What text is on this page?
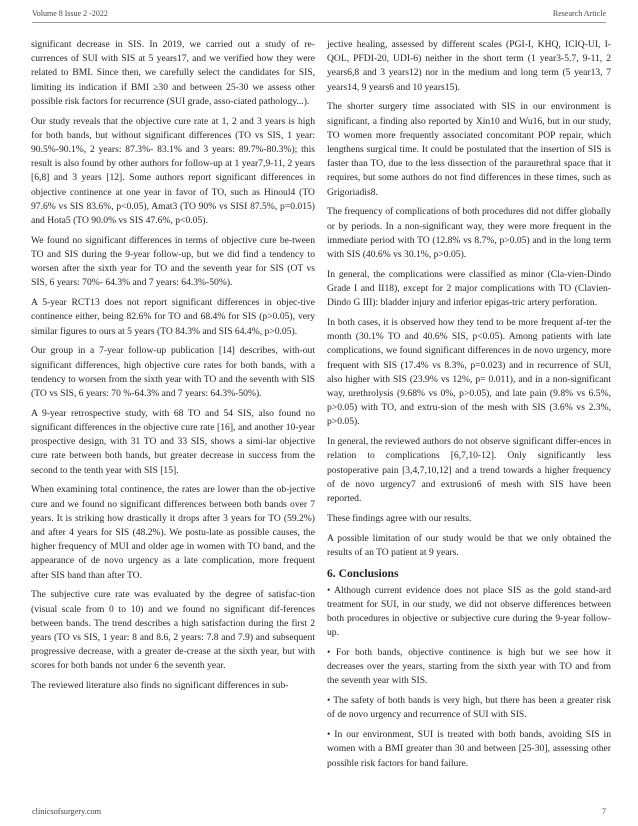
Volume 8 Issue 2 -2022	Research Article

significant decrease in SIS. In 2019, we carried out a study of re-currences of SUI with SIS at 5 years17, and we verified how they were related to BMI. Since then, we carefully select the candidates for SIS, limiting its indication if BMI ≥30 and between 25-30 we assess other possible risk factors for recurrence (SUI grade, asso-ciated pathology...).

Our study reveals that the objective cure rate at 1, 2 and 3 years is high for both bands, but without significant differences (TO vs SIS, 1 year: 90.5%-90.1%, 2 years: 87.3%- 83.1% and 3 years: 89.7%-80.3%); this result is also found by other authors for follow-up at 1 year7,9-11, 2 years [6,8] and 3 years [12]. Some authors report significant differences in objective continence at one year in favor of TO, such as Hinoul4 (TO 97.6% vs SIS 83.6%, p<0.05), Amat3 (TO 90% vs SISI 87.5%, p=0.015) and Hota5 (TO 90.0% vs SIS 47.6%, p<0.05).

We found no significant differences in terms of objective cure be-tween TO and SIS during the 9-year follow-up, but we did find a tendency to worsen after the sixth year for TO and the seventh year for SIS (OT vs SIS, 6 years: 70%- 64.3% and 7 years: 64.3%-50%).

A 5-year RCT13 does not report significant differences in objec-tive continence either, being 82.6% for TO and 68.4% for SIS (p>0.05), very similar figures to ours at 5 years (TO 84.3% and SIS 64.4%, p>0.05).

Our group in a 7-year follow-up publication [14] describes, with-out significant differences, high objective cure rates for both bands, with a tendency to worsen from the sixth year with TO and the seventh with SIS (TO vs SIS, 6 years: 70 %-64.3% and 7 years: 64.3%-50%).

A 9-year retrospective study, with 68 TO and 54 SIS, also found no significant differences in the objective cure rate [16], and another 10-year prospective design, with 31 TO and 33 SIS, shows a simi-lar objective cure rate between both bands, but greater decrease in success from the second to the tenth year with SIS [15].

When examining total continence, the rates are lower than the ob-jective cure and we found no significant differences between both bands over 7 years. It is striking how drastically it drops after 3 years for TO (59.2%) and after 4 years for SIS (48.2%). We postu-late as possible causes, the higher frequency of MUI and older age in women with TO band, and the appearance of de novo urgency as a late complication, more frequent after SIS band than after TO.

The subjective cure rate was evaluated by the degree of satisfac-tion (visual scale from 0 to 10) and we found no significant dif-ferences between bands. The trend describes a high satisfaction during the first 2 years (TO vs SIS, 1 year: 8 and 8.6, 2 years: 7.8 and 7.9) and subsequent progressive decrease, with a greater de-crease at the sixth year, but with scores for both bands not under 6 the seventh year.

The reviewed literature also finds no significant differences in sub-

jective healing, assessed by different scales (PGI-I, KHQ, ICIQ-UI, I-QOL, PFDI-20, UDI-6) neither in the short term (1 year3-5.7, 9-11, 2 years6,8 and 3 years12) nor in the medium and long term (5 year13, 7 years14, 9 years6 and 10 years15).

The shorter surgery time associated with SIS in our environment is significant, a finding also reported by Xin10 and Wu16, but in our study, TO women more frequently associated concomitant POP repair, which lengthens surgical time. It could be postulated that the insertion of SIS is faster than TO, due to the less dissection of the paraurethral space that it requires, but some authors do not find differences in these times, such as Grigoriadis8.

The frequency of complications of both procedures did not differ globally or by periods. In a non-significant way, they were more frequent in the immediate period with TO (12.8% vs 8.7%, p>0.05) and in the long term with SIS (40.6% vs 30.1%, p>0.05).

In general, the complications were classified as minor (Cla-vien-Dindo Grade I and II18), except for 2 major complications with TO (Clavien-Dindo G III): bladder injury and inferior epigas-tric artery perforation.

In both cases, it is observed how they tend to be more frequent af-ter the month (30.1% TO and 40.6% SIS, p<0.05). Among patients with late complications, we found significant differences in de novo urgency, more frequent with SIS (17.4% vs 8.3%, p=0.023) and in recurrence of SUI, also higher with SIS (23.9% vs 12%, p= 0.011), and in a non-significant way, urethrolysis (9.68% vs 0%, p>0.05), and late pain (9.8% vs 6.5%, p>0.05) with TO, and extru-sion of the mesh with SIS (3.6% vs 2.3%, p>0.05).

In general, the reviewed authors do not observe significant differ-ences in relation to complications [6,7,10-12]. Only significantly less postoperative pain [3,4,7,10,12] and a trend towards a higher frequency of de novo urgency7 and extrusion6 of mesh with SIS have been reported.

These findings agree with our results.

A possible limitation of our study would be that we only obtained the results of an TO patient at 9 years.

6. Conclusions

• Although current evidence does not place SIS as the gold stand-ard treatment for SUI, in our study, we did not observe differences between both procedures in objective or subjective cure during the 9-year follow-up.

• For both bands, objective continence is high but we see how it decreases over the years, starting from the sixth year with TO and from the seventh year with SIS.

• The safety of both bands is very high, but there has been a greater risk of de novo urgency and recurrence of SUI with SIS.

• In our environment, SUI is treated with both bands, avoiding SIS in women with a BMI greater than 30 and between [25-30], assessing other possible risk factors for band failure.

clinicsofsurgery.com	7
